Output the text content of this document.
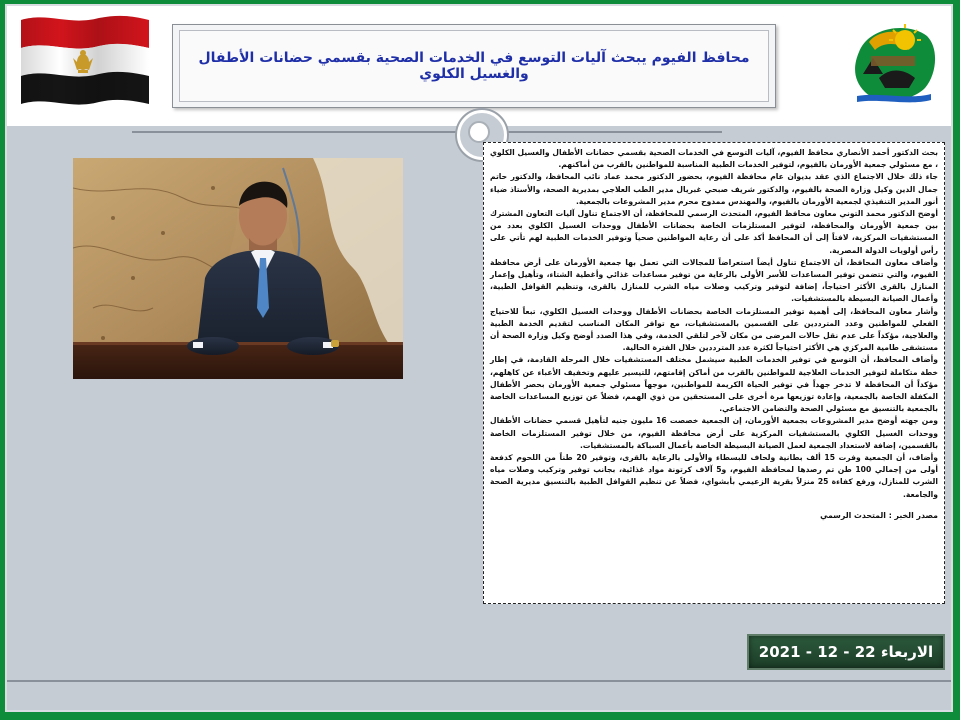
محافظ الفيوم يبحث آليات التوسع في الخدمات الصحية بقسمي حضانات الأطفال والغسيل الكلوي

بحث الدكتور أحمد الأنصاري محافظ الفيوم، آليات التوسع في الخدمات الصحية بقسمي حضانات الأطفال والغسيل الكلوي ، مع مسئولي جمعية الأورمان بالفيوم، لتوفير الخدمات الطبية المناسبة للمواطنين بالقرب من أماكنهم.

جاء ذلك خلال الاجتماع الذي عقد بديوان عام محافظة الفيوم، بحضور الدكتور محمد عماد نائب المحافظ، والدكتور حاتم جمال الدين وكيل وزارة الصحة بالفيوم، والدكتور شريف صبحي غبريال مدير الطب العلاجي بمديرية الصحة، والأستاذ ضياء أنور المدير التنفيذي لجمعية الأورمان بالفيوم، والمهندس ممدوح محرم مدير المشروعات بالجمعية.

أوضح الدكتور محمد التوني معاون محافظ الفيوم، المتحدث الرسمي للمحافظة، أن الاجتماع تناول آليات التعاون المشترك بين جمعية الأورمان والمحافظة، لتوفير المستلزمات الخاصة بحضانات الأطفال ووحدات الغسيل الكلوي بعدد من المستشفيات المركزية، لافتاً إلى أن المحافظ أكد على أن رعاية المواطنين صحياً وتوفير الخدمات الطبية لهم تأتي على رأس أولويات الدولة المصرية.

وأضاف معاون المحافظ، أن الاجتماع تناول أيضاً استعراضاً للمجالات التي تعمل بها جمعية الأورمان على أرض محافظة الفيوم، والتي تتضمن توفير المساعدات للأسر الأولى بالرعاية من توفير مساعدات غذائي وأغطية الشتاء، وتأهيل وإعمار المنازل بالقرى الأكثر احتياجاً، إضافة لتوفير وتركيب وصلات مياه الشرب للمنازل بالقرى، وتنظيم القوافل الطبية، وأعمال الصيانة البسيطة بالمستشفيات.

وأشار معاون المحافظ، إلى أهمية توفير المستلزمات الخاصة بحضانات الأطفال ووحدات الغسيل الكلوي، تبعاً للاحتياج الفعلي للمواطنين وعدد المترددين على القسمين بالمستشفيات، مع توافر المكان المناسب لتقديم الخدمة الطبية والعلاجية، مؤكداً على عدم نقل حالات المرضى من مكان لآخر لتلقي الخدمة، وفي هذا الصدد أوضح وكيل وزارة الصحة أن مستشفى طامية المركزي هي الأكثر احتياجاً لكثرة عدد المترددين خلال الفترة الحالية.

وأضاف المحافظ، أن التوسع في توفير الخدمات الطبية سيشمل مختلف المستشفيات خلال المرحلة القادمة، في إطار خطة متكاملة لتوفير الخدمات العلاجية للمواطنين بالقرب من أماكن إقامتهم، للتيسير عليهم وتخفيف الأعباء عن كاهلهم، مؤكداً أن المحافظة لا تدخر جهداً في توفير الحياة الكريمة للمواطنين، موجهاً مسئولي جمعية الأورمان بحصر الأطفال المكفلة الخاصة بالجمعية، وإعادة توزيعها مرة أخرى على المستحقين من ذوي الهمم، فضلاً عن توزيع المساعدات الخاصة بالجمعية بالتنسيق مع مسئولي الصحة والتضامن الاجتماعي.

ومن جهته أوضح مدير المشروعات بجمعية الأورمان، إن الجمعية خصصت 16 مليون جنيه لتأهيل قسمي حضانات الأطفال ووحدات الغسيل الكلوي بالمستشفيات المركزية على أرض محافظة الفيوم، من خلال توفير المستلزمات الخاصة بالقسمين، إضافة لاستعداد الجمعية لعمل الصيانة البسيطة الخاصة بأعمال السباكة بالمستشفيات.

وأضاف، أن الجمعية وفرت 15 ألف بطانية ولحاف للبسطاء والأولى بالرعاية بالقرى، وتوفير 20 طناً من اللحوم كدفعة أولى من إجمالي 100 طن تم رصدها لمحافظة الفيوم، و5 آلاف كرتونة مواد غذائية، بجانب توفير وتركيب وصلات مياه الشرب للمنازل، ورفع كفاءة 25 منزلاً بقرية الزعيمي بأبشواي، فضلاً عن تنظيم القوافل الطبية بالتنسيق مديرية الصحة والجامعة.

مصدر الخبر : المتحدث الرسمي
الاربعاء 22 - 12 - 2021
